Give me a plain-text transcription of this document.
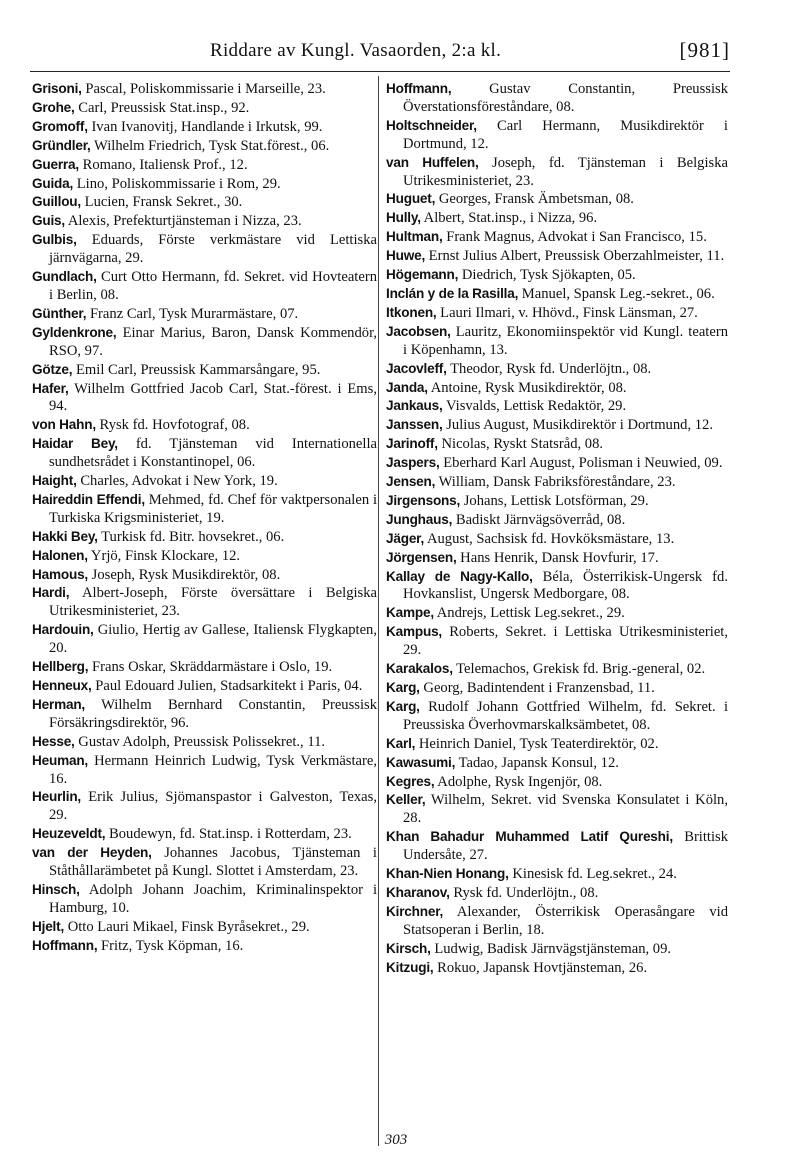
Riddare av Kungl. Vasaorden, 2:a kl.	[981]

Grisoni, Pascal, Poliskommissarie i Marseille, 23.

Grohe, Carl, Preussisk Stat.insp., 92.

Gromoff, Ivan Ivanovitj, Handlande i Irkutsk, 99.

Gründler, Wilhelm Friedrich, Tysk Stat.förest., 06.

Guerra, Romano, Italiensk Prof., 12.

Guida, Lino, Poliskommissarie i Rom, 29.

Guillou, Lucien, Fransk Sekret., 30.

Guis, Alexis, Prefekturtjänsteman i Nizza, 23.

Gulbis, Eduards, Förste verkmästare vid Lettiska järnvägarna, 29.

Gundlach, Curt Otto Hermann, fd. Sekret. vid Hovteatern i Berlin, 08.

Günther, Franz Carl, Tysk Murarmästare, 07.

Gyldenkrone, Einar Marius, Baron, Dansk Kommendör, RSO, 97.

Götze, Emil Carl, Preussisk Kammarsångare, 95.

Hafer, Wilhelm Gottfried Jacob Carl, Stat.-förest. i Ems, 94.

von Hahn, Rysk fd. Hovfotograf, 08.

Haidar Bey, fd. Tjänsteman vid Internationella sundhetsrådet i Konstantinopel, 06.

Haight, Charles, Advokat i New York, 19.

Haireddin Effendi, Mehmed, fd. Chef för vaktpersonalen i Turkiska Krigsministeriet, 19.

Hakki Bey, Turkisk fd. Bitr. hovsekret., 06.

Halonen, Yrjö, Finsk Klockare, 12.

Hamous, Joseph, Rysk Musikdirektör, 08.

Hardi, Albert-Joseph, Förste översättare i Belgiska Utrikesministeriet, 23.

Hardouin, Giulio, Hertig av Gallese, Italiensk Flygkapten, 20.

Hellberg, Frans Oskar, Skräddarmästare i Oslo, 19.

Henneux, Paul Edouard Julien, Stadsarkitekt i Paris, 04.

Herman, Wilhelm Bernhard Constantin, Preussisk Försäkringsdirektör, 96.

Hesse, Gustav Adolph, Preussisk Polissekret., 11.

Heuman, Hermann Heinrich Ludwig, Tysk Verkmästare, 16.

Heurlin, Erik Julius, Sjömanspastor i Galveston, Texas, 29.

Heuzeveldt, Boudewyn, fd. Stat.insp. i Rotterdam, 23.

van der Heyden, Johannes Jacobus, Tjänsteman i Ståthållarämbetet på Kungl. Slottet i Amsterdam, 23.

Hinsch, Adolph Johann Joachim, Kriminalinspektor i Hamburg, 10.

Hjelt, Otto Lauri Mikael, Finsk Byråsekret., 29.

Hoffmann, Fritz, Tysk Köpman, 16.

Hoffmann, Gustav Constantin, Preussisk Överstationsföreståndare, 08.

Holtschneider, Carl Hermann, Musikdirektör i Dortmund, 12.

van Huffelen, Joseph, fd. Tjänsteman i Belgiska Utrikesministeriet, 23.

Huguet, Georges, Fransk Ämbetsman, 08.

Hully, Albert, Stat.insp., i Nizza, 96.

Hultman, Frank Magnus, Advokat i San Francisco, 15.

Huwe, Ernst Julius Albert, Preussisk Oberzahlmeister, 11.

Högemann, Diedrich, Tysk Sjökapten, 05.

Inclán y de la Rasilla, Manuel, Spansk Leg.-sekret., 06.

Itkonen, Lauri Ilmari, v. Hhövd., Finsk Länsman, 27.

Jacobsen, Lauritz, Ekonomiinspektör vid Kungl. teatern i Köpenhamn, 13.

Jacovleff, Theodor, Rysk fd. Underlöjtn., 08.

Janda, Antoine, Rysk Musikdirektör, 08.

Jankaus, Visvalds, Lettisk Redaktör, 29.

Janssen, Julius August, Musikdirektör i Dortmund, 12.

Jarinoff, Nicolas, Ryskt Statsråd, 08.

Jaspers, Eberhard Karl August, Polisman i Neuwied, 09.

Jensen, William, Dansk Fabriksföreståndare, 23.

Jirgensons, Johans, Lettisk Lotsförman, 29.

Junghaus, Badiskt Järnvägsöverråd, 08.

Jäger, August, Sachsisk fd. Hovköksmästare, 13.

Jörgensen, Hans Henrik, Dansk Hovfurir, 17.

Kallay de Nagy-Kallo, Béla, Österrikisk-Ungersk fd. Hovkanslist, Ungersk Medborgare, 08.

Kampe, Andrejs, Lettisk Leg.sekret., 29.

Kampus, Roberts, Sekret. i Lettiska Utrikesministeriet, 29.

Karakalos, Telemachos, Grekisk fd. Brig.-general, 02.

Karg, Georg, Badintendent i Franzensbad, 11.

Karg, Rudolf Johann Gottfried Wilhelm, fd. Sekret. i Preussiska Överhovmarskalksämbetet, 08.

Karl, Heinrich Daniel, Tysk Teaterdirektör, 02.

Kawasumi, Tadao, Japansk Konsul, 12.

Kegres, Adolphe, Rysk Ingenjör, 08.

Keller, Wilhelm, Sekret. vid Svenska Konsulatet i Köln, 28.

Khan Bahadur Muhammed Latif Qureshi, Brittisk Undersåte, 27.

Khan-Nien Honang, Kinesisk fd. Leg.sekret., 24.

Kharanov, Rysk fd. Underlöjtn., 08.

Kirchner, Alexander, Österrikisk Operasångare vid Statsoperan i Berlin, 18.

Kirsch, Ludwig, Badisk Järnvägstjänsteman, 09.

Kitzugi, Rokuo, Japansk Hovtjänsteman, 26.

303
